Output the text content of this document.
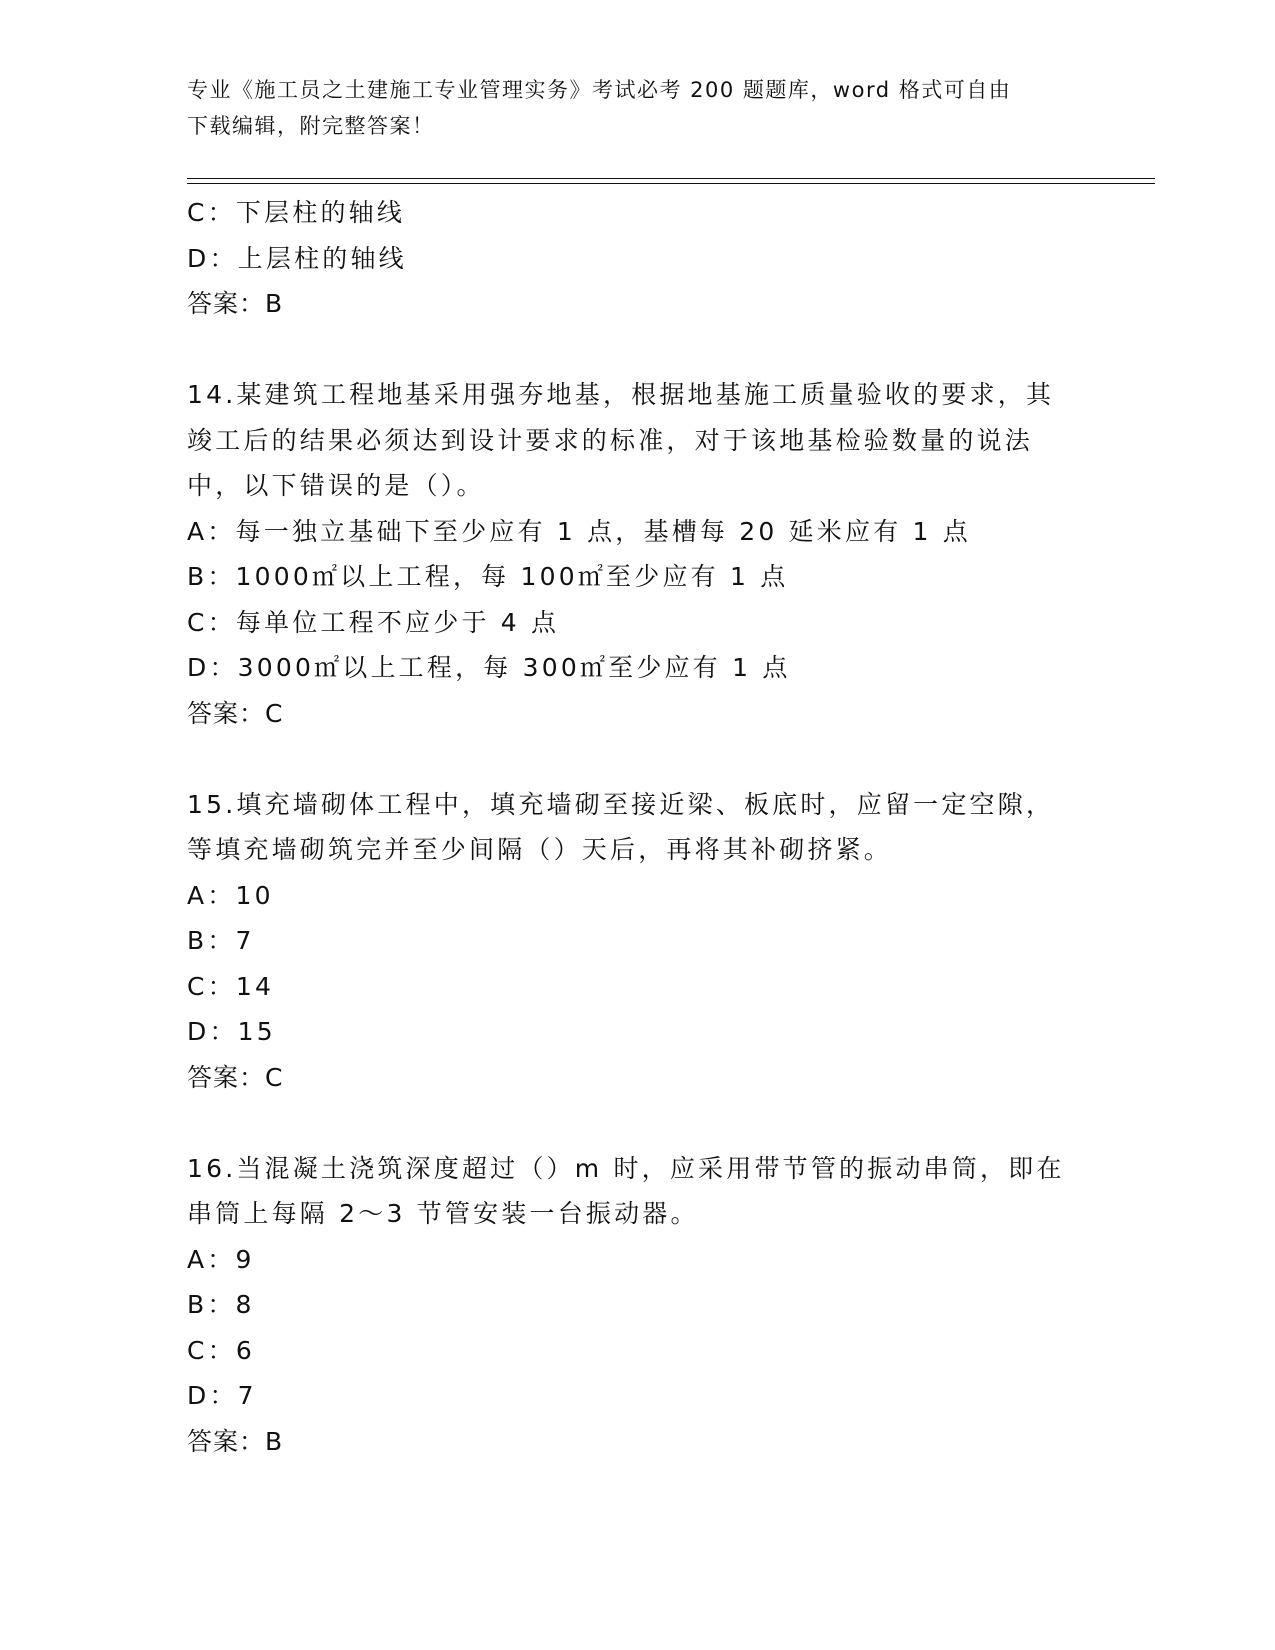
专业《施工员之土建施工专业管理实务》考试必考 200 题题库，word 格式可自由
下载编辑，附完整答案！
C：下层柱的轴线
D：上层柱的轴线
答案：B
14.某建筑工程地基采用强夯地基，根据地基施工质量验收的要求，其
竣工后的结果必须达到设计要求的标准，对于该地基检验数量的说法
中，以下错误的是（）。
A：每一独立基础下至少应有 1 点，基槽每 20 延米应有 1 点
B：1000㎡以上工程，每 100㎡至少应有 1 点
C：每单位工程不应少于 4 点
D：3000㎡以上工程，每 300㎡至少应有 1 点
答案：C
15.填充墙砌体工程中，填充墙砌至接近梁、板底时，应留一定空隙，
等填充墙砌筑完并至少间隔（）天后，再将其补砌挤紧。
A：10
B：7
C：14
D：15
答案：C
16.当混凝土浇筑深度超过（）m 时，应采用带节管的振动串筒，即在
串筒上每隔 2～3 节管安装一台振动器。
A：9
B：8
C：6
D：7
答案：B
